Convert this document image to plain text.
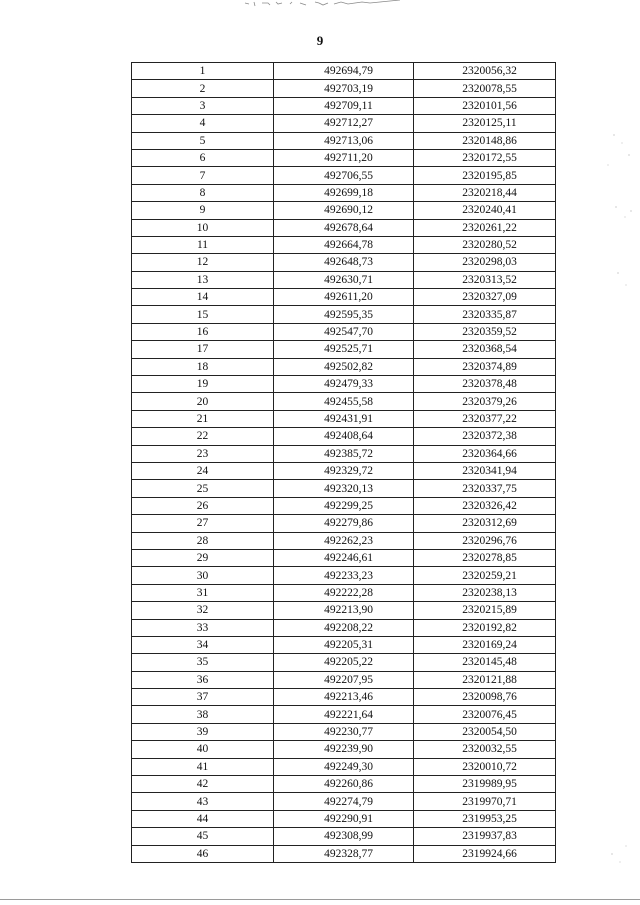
9
1	492694,79	2320056,32
2	492703,19	2320078,55
3	492709,11	2320101,56
4	492712,27	2320125,11
5	492713,06	2320148,86
6	492711,20	2320172,55
7	492706,55	2320195,85
8	492699,18	2320218,44
9	492690,12	2320240,41
10	492678,64	2320261,22
11	492664,78	2320280,52
12	492648,73	2320298,03
13	492630,71	2320313,52
14	492611,20	2320327,09
15	492595,35	2320335,87
16	492547,70	2320359,52
17	492525,71	2320368,54
18	492502,82	2320374,89
19	492479,33	2320378,48
20	492455,58	2320379,26
21	492431,91	2320377,22
22	492408,64	2320372,38
23	492385,72	2320364,66
24	492329,72	2320341,94
25	492320,13	2320337,75
26	492299,25	2320326,42
27	492279,86	2320312,69
28	492262,23	2320296,76
29	492246,61	2320278,85
30	492233,23	2320259,21
31	492222,28	2320238,13
32	492213,90	2320215,89
33	492208,22	2320192,82
34	492205,31	2320169,24
35	492205,22	2320145,48
36	492207,95	2320121,88
37	492213,46	2320098,76
38	492221,64	2320076,45
39	492230,77	2320054,50
40	492239,90	2320032,55
41	492249,30	2320010,72
42	492260,86	2319989,95
43	492274,79	2319970,71
44	492290,91	2319953,25
45	492308,99	2319937,83
46	492328,77	2319924,66
